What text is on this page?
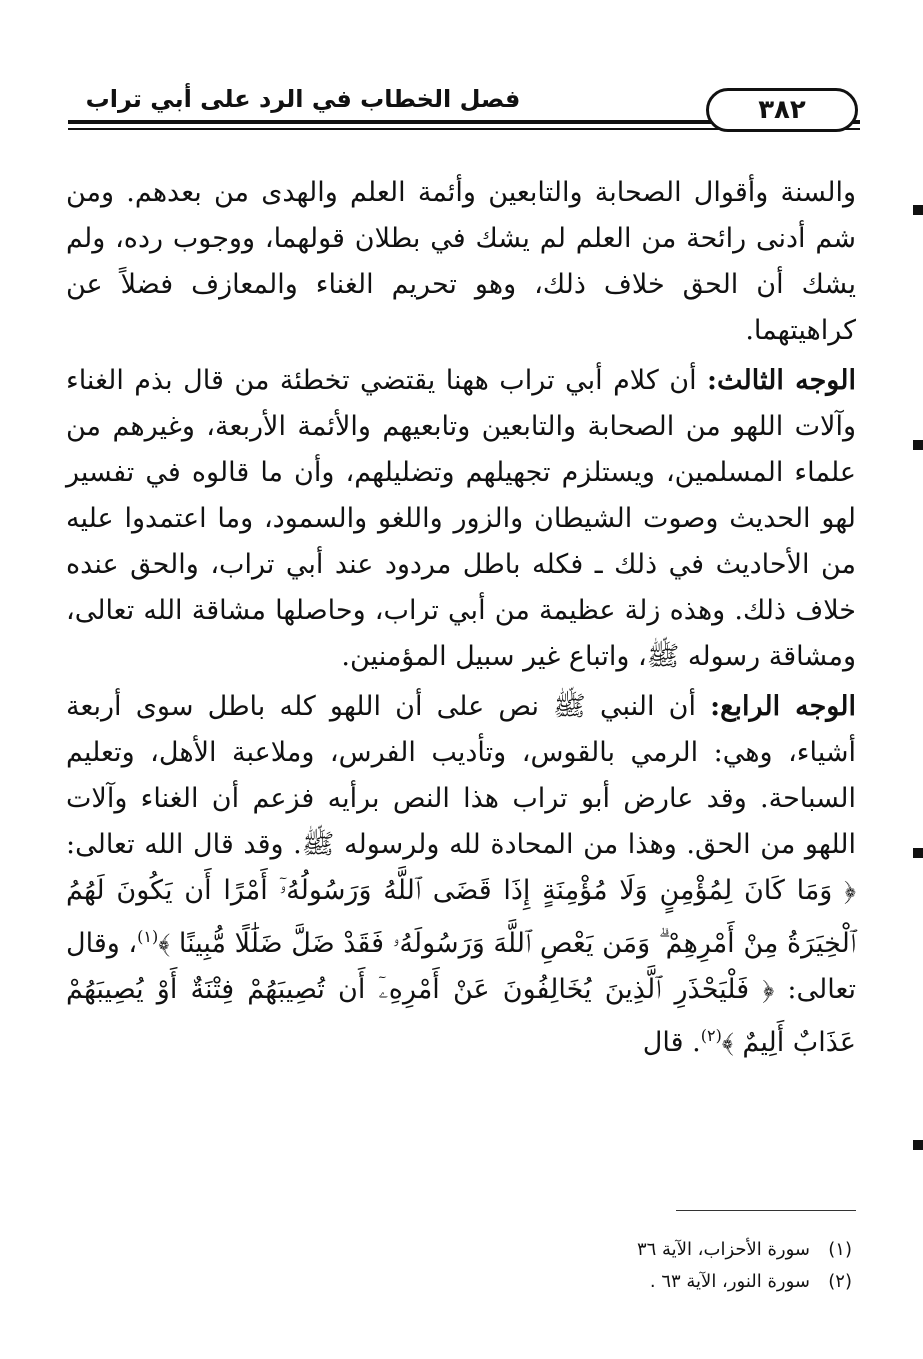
فصل الخطاب في الرد على أبي تراب	٣٨٢

والسنة وأقوال الصحابة والتابعين وأئمة العلم والهدى من بعدهم. ومن شم أدنى رائحة من العلم لم يشك في بطلان قولهما، ووجوب رده، ولم يشك أن الحق خلاف ذلك، وهو تحريم الغناء والمعازف فضلاً عن كراهيتهما.

الوجه الثالث: أن كلام أبي تراب ههنا يقتضي تخطئة من قال بذم الغناء وآلات اللهو من الصحابة والتابعين وتابعيهم والأئمة الأربعة، وغيرهم من علماء المسلمين، ويستلزم تجهيلهم وتضليلهم، وأن ما قالوه في تفسير لهو الحديث وصوت الشيطان والزور واللغو والسمود، وما اعتمدوا عليه من الأحاديث في ذلك ـ فكله باطل مردود عند أبي تراب، والحق عنده خلاف ذلك. وهذه زلة عظيمة من أبي تراب، وحاصلها مشاقة الله تعالى، ومشاقة رسوله ﷺ، واتباع غير سبيل المؤمنين.

الوجه الرابع: أن النبي ﷺ نص على أن اللهو كله باطل سوى أربعة أشياء، وهي: الرمي بالقوس، وتأديب الفرس، وملاعبة الأهل، وتعليم السباحة. وقد عارض أبو تراب هذا النص برأيه فزعم أن الغناء وآلات اللهو من الحق. وهذا من المحادة لله ولرسوله ﷺ. وقد قال الله تعالى: ﴿ وَمَا كَانَ لِمُؤْمِنٍ وَلَا مُؤْمِنَةٍ إِذَا قَضَى ٱللَّهُ وَرَسُولُهُۥٓ أَمْرًا أَن يَكُونَ لَهُمُ ٱلْخِيَرَةُ مِنْ أَمْرِهِمْ ۗ وَمَن يَعْصِ ٱللَّهَ وَرَسُولَهُۥ فَقَدْ ضَلَّ ضَلَٰلًا مُّبِينًا ﴾$^{(١)}$، وقال تعالى: ﴿ فَلْيَحْذَرِ ٱلَّذِينَ يُخَالِفُونَ عَنْ أَمْرِهِۦٓ أَن تُصِيبَهُمْ فِتْنَةٌ أَوْ يُصِيبَهُمْ عَذَابٌ أَلِيمٌ ﴾$^{(٢)}$. قال

(١)سورة الأحزاب، الآية ٣٦
(٢)سورة النور، الآية ٦٣ .
